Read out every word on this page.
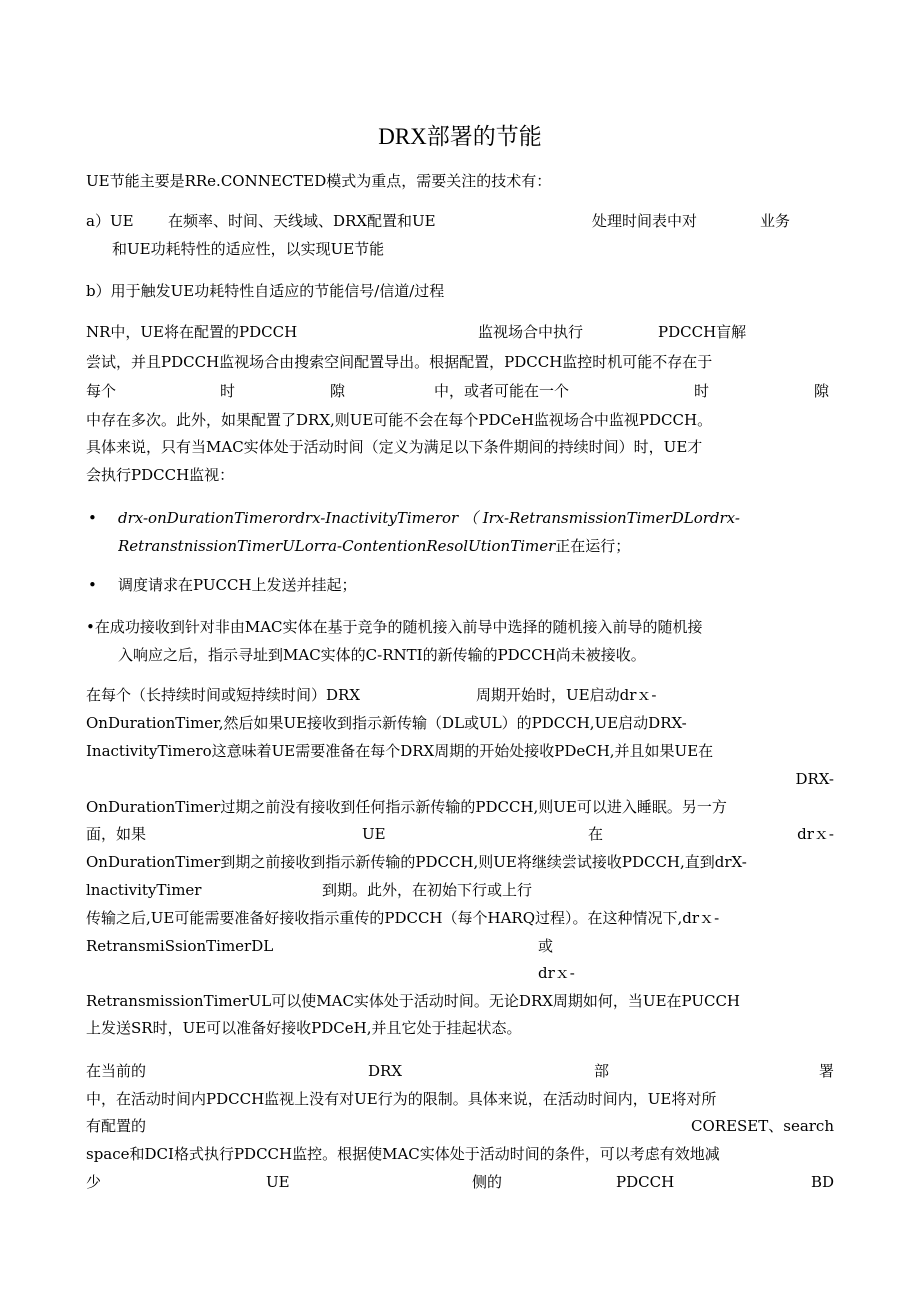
DRX部署的节能
UE节能主要是RRe.CONNECTED模式为重点，需要关注的技术有：
a）UE 在频率、时间、天线域、DRX配置和UE	处理时间表中对	业务
和UE功耗特性的适应性，以实现UE节能
b）用于触发UE功耗特性自适应的节能信号/信道/过程
NR中，UE将在配置的PDCCH	监视场合中执行	PDCCH盲解
尝试，并且PDCCH监视场合由搜索空间配置导出。根据配置，PDCCH监控时机可能不存在于
每个	时	隙	中，或者可能在一个	时	隙
中存在多次。此外，如果配置了DRX,则UE可能不会在每个PDCeH监视场合中监视PDCCH。
具体来说，只有当MAC实体处于活动时间（定义为满足以下条件期间的持续时间）时，UE才
会执行PDCCH监视：
•	drx-onDurationTimerordrx-InactivityTimeror （ Irx-RetransmissionTimerDLordrx-
RetranstnissionTimerULorra-ContentionResolUtionTimer正在运行；
•	调度请求在PUCCH上发送并挂起；
•在成功接收到针对非由MAC实体在基于竞争的随机接入前导中选择的随机接入前导的随机接
入响应之后，指示寻址到MAC实体的C-RNTI的新传输的PDCCH尚未被接收。
在每个（长持续时间或短持续时间）DRX	周期开始时，UE启动drｘ-
OnDurationTimer,然后如果UE接收到指示新传输（DL或UL）的PDCCH,UE启动DRX-
InactivityTimero这意味着UE需要准备在每个DRX周期的开始处接收PDeCH,并且如果UE在
DRX-
OnDurationTimer过期之前没有接收到任何指示新传输的PDCCH,则UE可以进入睡眠。另一方
面，如果	UE	在	drｘ-
OnDurationTimer到期之前接收到指示新传输的PDCCH,则UE将继续尝试接收PDCCH,直到drX-
lnactivityTimer	到期。此外，在初始下行或上行
传输之后,UE可能需要准备好接收指示重传的PDCCH（每个HARQ过程）。在这种情况下,drｘ-
RetransmiSsionTimerDL	或
drｘ-
RetransmissionTimerUL可以使MAC实体处于活动时间。无论DRX周期如何，当UE在PUCCH
上发送SR时，UE可以准备好接收PDCeH,并且它处于挂起状态。
在当前的	DRX	部	署
中，在活动时间内PDCCH监视上没有对UE行为的限制。具体来说，在活动时间内，UE将对所
有配置的	CORESET、search
space和DCI格式执行PDCCH监控。根据使MAC实体处于活动时间的条件，可以考虑有效地减
少	UE	侧的	PDCCH	BD
